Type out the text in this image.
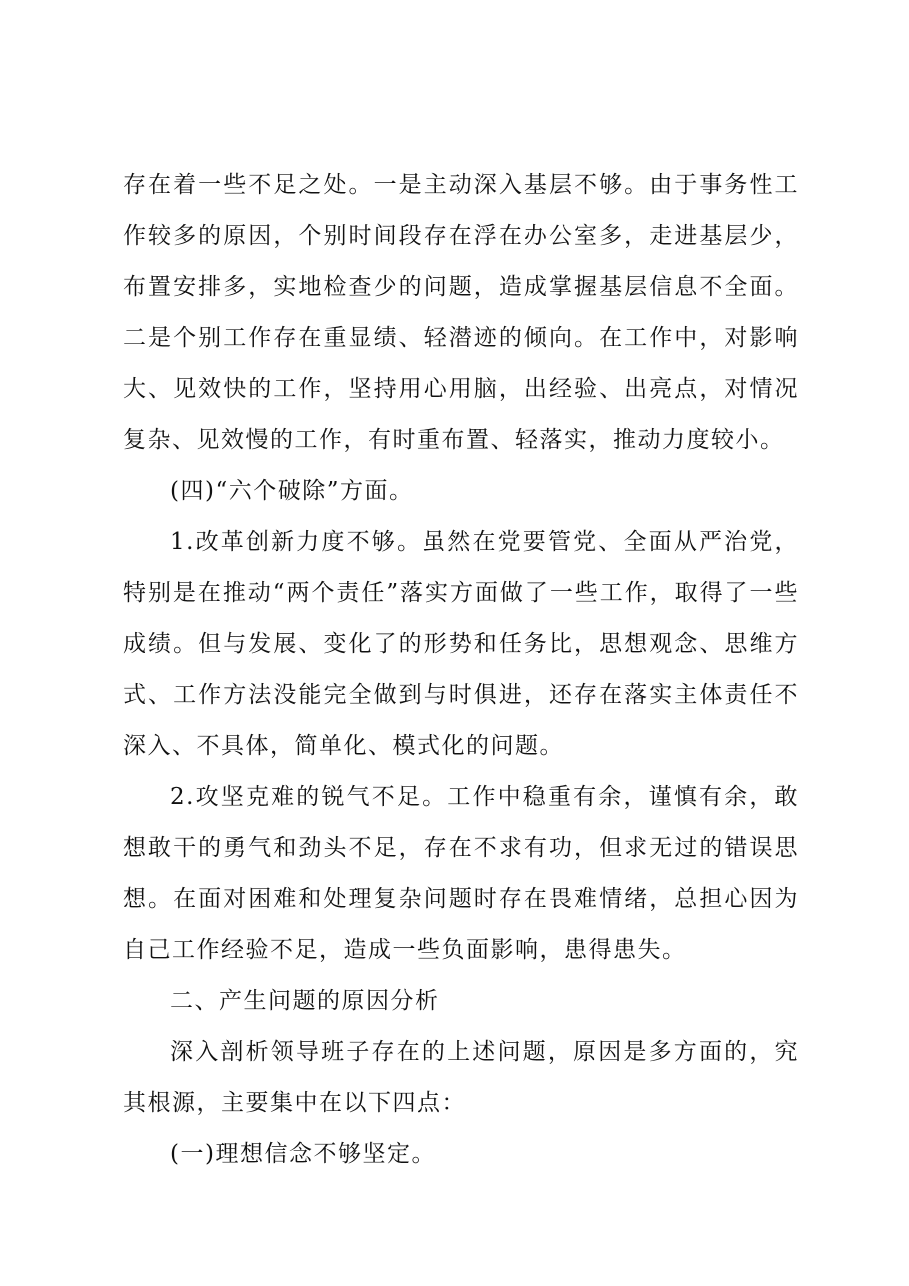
存在着一些不足之处。一是主动深入基层不够。由于事务性工作较多的原因，个别时间段存在浮在办公室多，走进基层少，布置安排多，实地检查少的问题，造成掌握基层信息不全面。二是个别工作存在重显绩、轻潜迹的倾向。在工作中，对影响大、见效快的工作，坚持用心用脑，出经验、出亮点，对情况复杂、见效慢的工作，有时重布置、轻落实，推动力度较小。

(四)“六个破除”方面。

1.改革创新力度不够。虽然在党要管党、全面从严治党，特别是在推动“两个责任”落实方面做了一些工作，取得了一些成绩。但与发展、变化了的形势和任务比，思想观念、思维方式、工作方法没能完全做到与时俱进，还存在落实主体责任不深入、不具体，简单化、模式化的问题。

2.攻坚克难的锐气不足。工作中稳重有余，谨慎有余，敢想敢干的勇气和劲头不足，存在不求有功，但求无过的错误思想。在面对困难和处理复杂问题时存在畏难情绪，总担心因为自己工作经验不足，造成一些负面影响，患得患失。

二、产生问题的原因分析

深入剖析领导班子存在的上述问题，原因是多方面的，究其根源，主要集中在以下四点：

(一)理想信念不够坚定。
